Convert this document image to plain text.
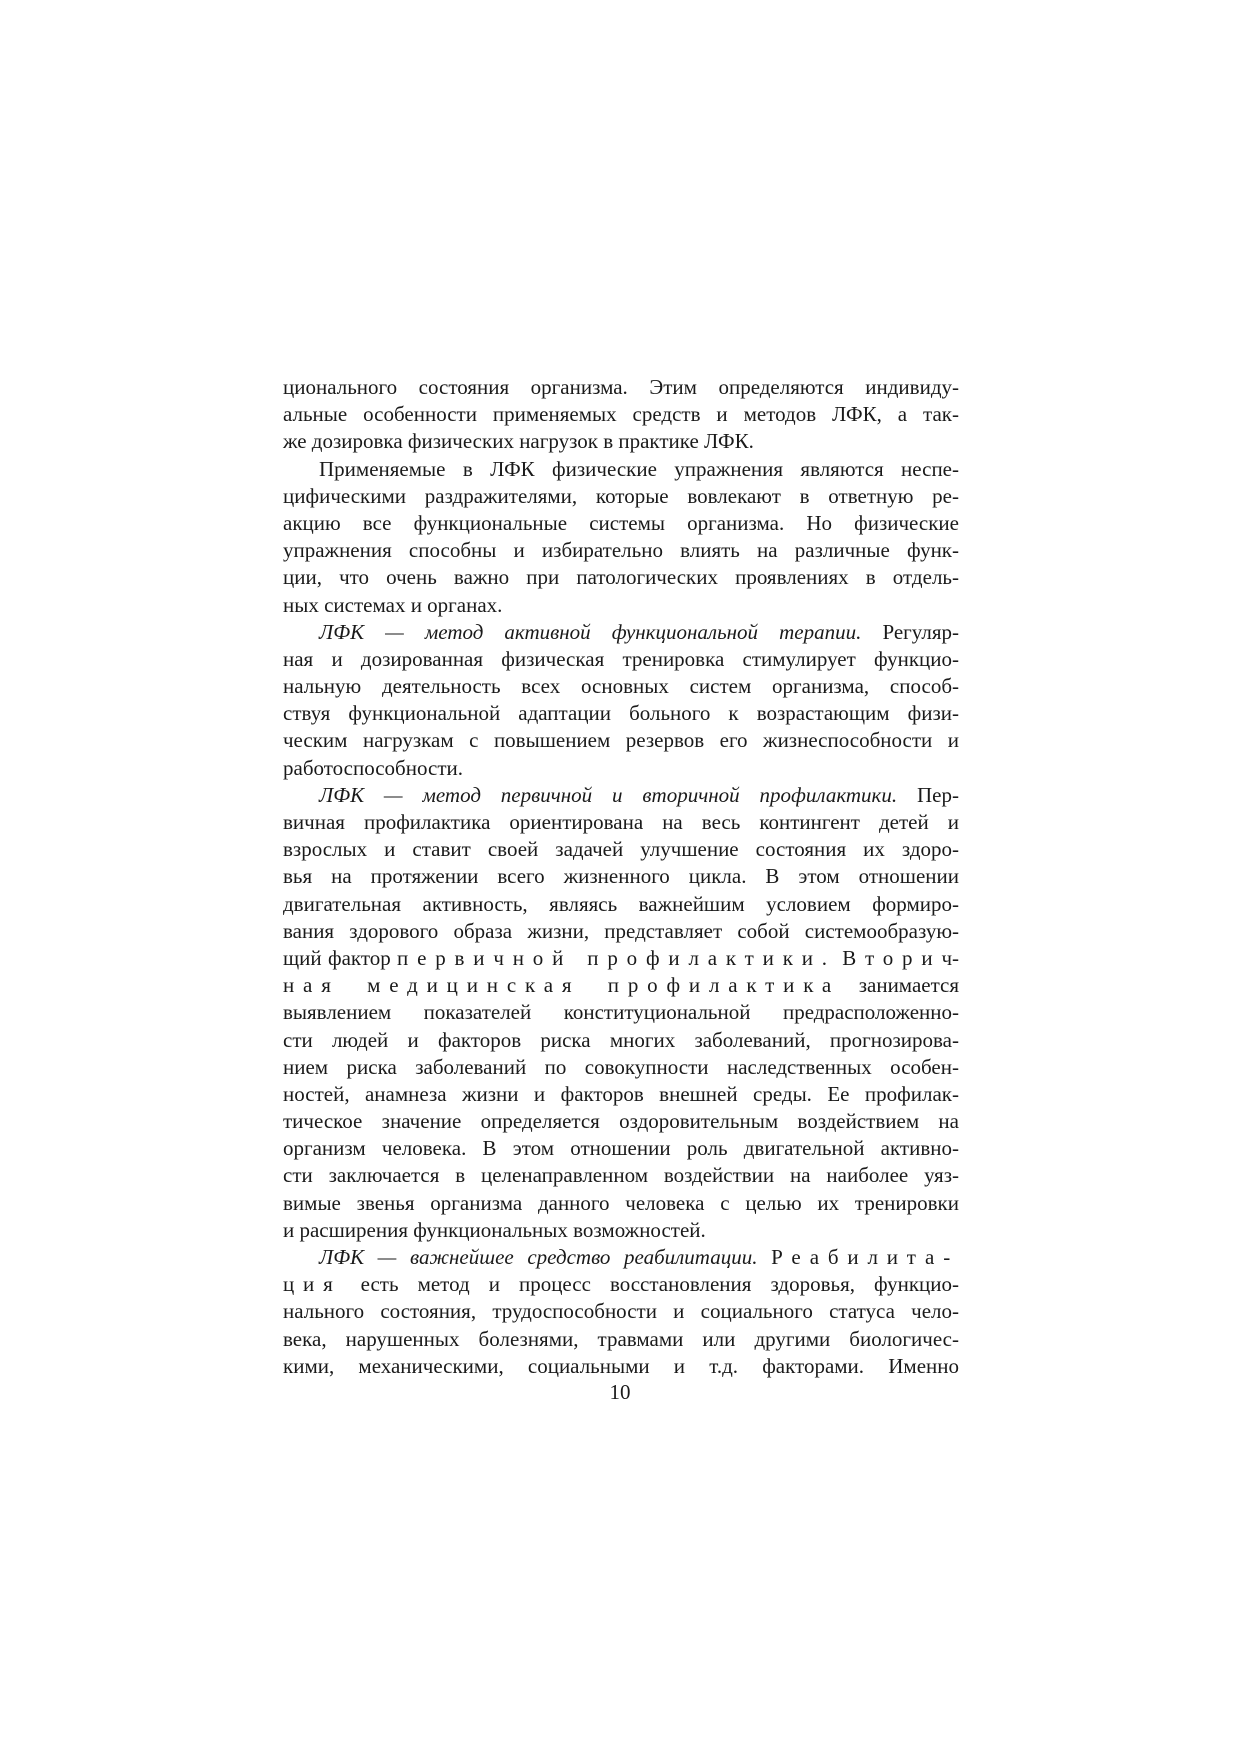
ционального состояния организма. Этим определяются индивиду-
альные особенности применяемых средств и методов ЛФК, а так-
же дозировка физических нагрузок в практике ЛФК.
Применяемые в ЛФК физические упражнения являются неспе-
цифическими раздражителями, которые вовлекают в ответную ре-
акцию все функциональные системы организма. Но физические
упражнения способны и избирательно влиять на различные функ-
ции, что очень важно при патологических проявлениях в отдель-
ных системах и органах.
ЛФК — метод активной функциональной терапии. Регуляр-
ная и дозированная физическая тренировка стимулирует функцио-
нальную деятельность всех основных систем организма, способ-
ствуя функциональной адаптации больного к возрастающим физи-
ческим нагрузкам с повышением резервов его жизнеспособности и
работоспособности.
ЛФК — метод первичной и вторичной профилактики. Пер-
вичная профилактика ориентирована на весь контингент детей и
взрослых и ставит своей задачей улучшение состояния их здоро-
вья на протяжении всего жизненного цикла. В этом отношении
двигательная активность, являясь важнейшим условием формиро-
вания здорового образа жизни, представляет собой системообразую-
щий фактор первичной профилактики. Вторич-
ная медицинская профилактика занимается
выявлением показателей конституциональной предрасположенно-
сти людей и факторов риска многих заболеваний, прогнозирова-
нием риска заболеваний по совокупности наследственных особен-
ностей, анамнеза жизни и факторов внешней среды. Ее профилак-
тическое значение определяется оздоровительным воздействием на
организм человека. В этом отношении роль двигательной активно-
сти заключается в целенаправленном воздействии на наиболее уяз-
вимые звенья организма данного человека с целью их тренировки
и расширения функциональных возможностей.
ЛФК — важнейшее средство реабилитации. Реабилита-
ция есть метод и процесс восстановления здоровья, функцио-
нального состояния, трудоспособности и социального статуса чело-
века, нарушенных болезнями, травмами или другими биологичес-
кими, механическими, социальными и т.д. факторами. Именно
10
